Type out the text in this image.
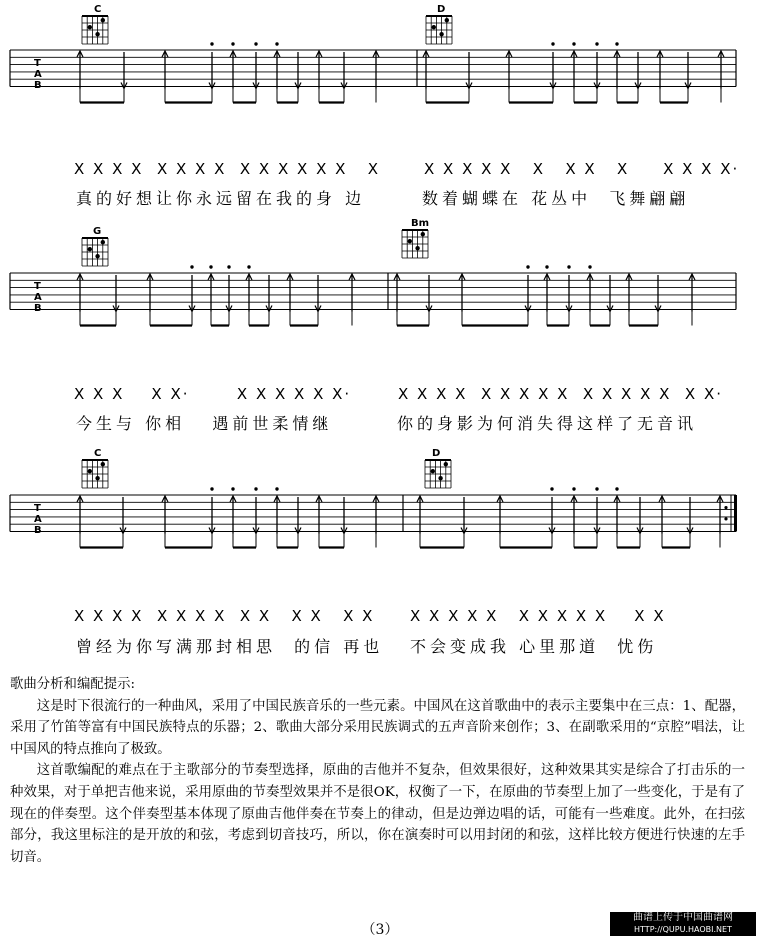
C	D
G
Bm
C	D
T
A
B
T
A
B
T
A
B
X X X X  X X X X  X X X X X X   X	X X X X X   X   X X   X     X X X X·
X X X    X X·       X X X X X X·	X X X X  X X X X X  X X X X X  X X·
X X X X  X X X X  X X   X X   X X X X X X X   X X X X X    X X
真的好想让你永远留在我的身 边	数着蝴蝶在 花丛中  飞舞翩翩
今生与 你相   遇前世柔情继	你的身影为何消失得这样了无音讯
曾经为你写满那封相思  的信 再也 不会变成我 心里那道  忧伤

歌曲分析和编配提示:

这是时下很流行的一种曲风，采用了中国民族音乐的一些元素。中国风在这首歌曲中的表示主要集中在三点：1、配器，采用了竹笛等富有中国民族特点的乐器；2、歌曲大部分采用民族调式的五声音阶来创作；3、在副歌采用的“京腔”唱法，让中国风的特点推向了极致。

这首歌编配的难点在于主歌部分的节奏型选择，原曲的吉他并不复杂，但效果很好，这种效果其实是综合了打击乐的一种效果，对于单把吉他来说，采用原曲的节奏型效果并不是很OK，权衡了一下，在原曲的节奏型上加了一些变化，于是有了现在的伴奏型。这个伴奏型基本体现了原曲吉他伴奏在节奏上的律动，但是边弹边唱的话，可能有一些难度。此外，在扫弦部分，我这里标注的是开放的和弦，考虑到切音技巧，所以，你在演奏时可以用封闭的和弦，这样比较方便进行快速的左手切音。

（3）
曲谱上传于中国曲谱网
HTTP://QUPU.HAOBI.NET
